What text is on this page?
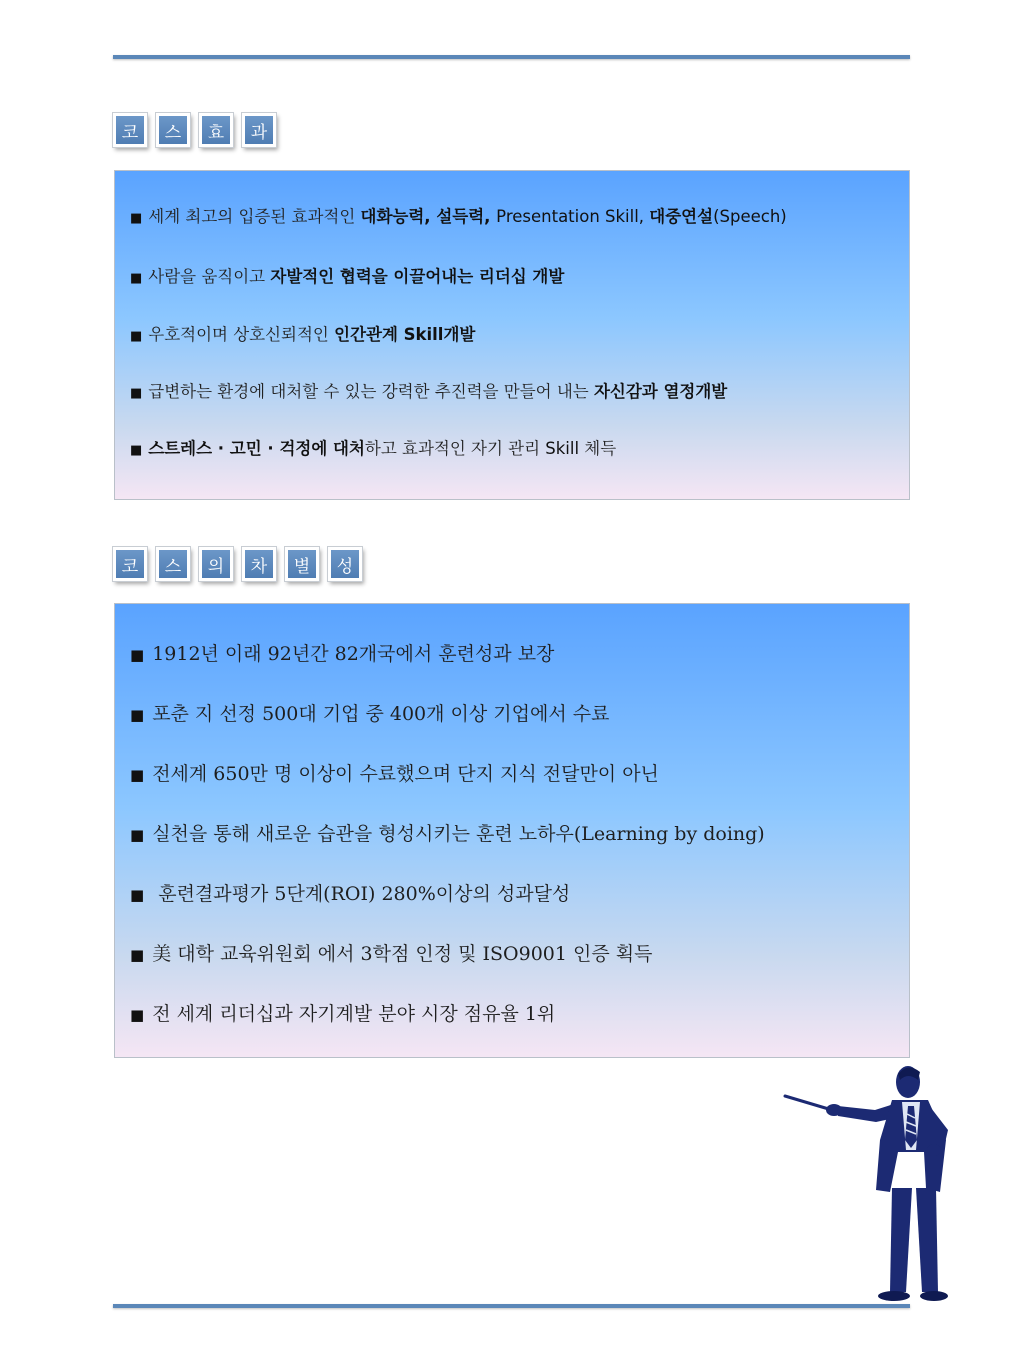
코	스	효	과
■ 세계 최고의 입증된 효과적인 대화능력, 설득력, Presentation Skill, 대중연설(Speech)
■ 사람을 움직이고 자발적인 협력을 이끌어내는 리더십 개발
■ 우호적이며 상호신뢰적인 인간관계 Skill개발
■ 급변하는 환경에 대처할 수 있는 강력한 추진력을 만들어 내는 자신감과 열정개발
■ 스트레스 · 고민 · 걱정에 대처하고 효과적인 자기 관리 Skill 체득
코	스	의	차	별	성
■ 1912년 이래 92년간 82개국에서 훈련성과 보장
■ 포춘 지 선정 500대 기업 중 400개 이상 기업에서 수료
■ 전세계 650만 명 이상이 수료했으며 단지 지식 전달만이 아닌
■ 실천을 통해 새로운 습관을 형성시키는 훈련 노하우(Learning by doing)
■ 훈련결과평가 5단계(ROI) 280%이상의 성과달성
■ 美 대학 교육위원회 에서 3학점 인정 및 ISO9001 인증 획득
■ 전 세계 리더십과 자기계발 분야 시장 점유율 1위
